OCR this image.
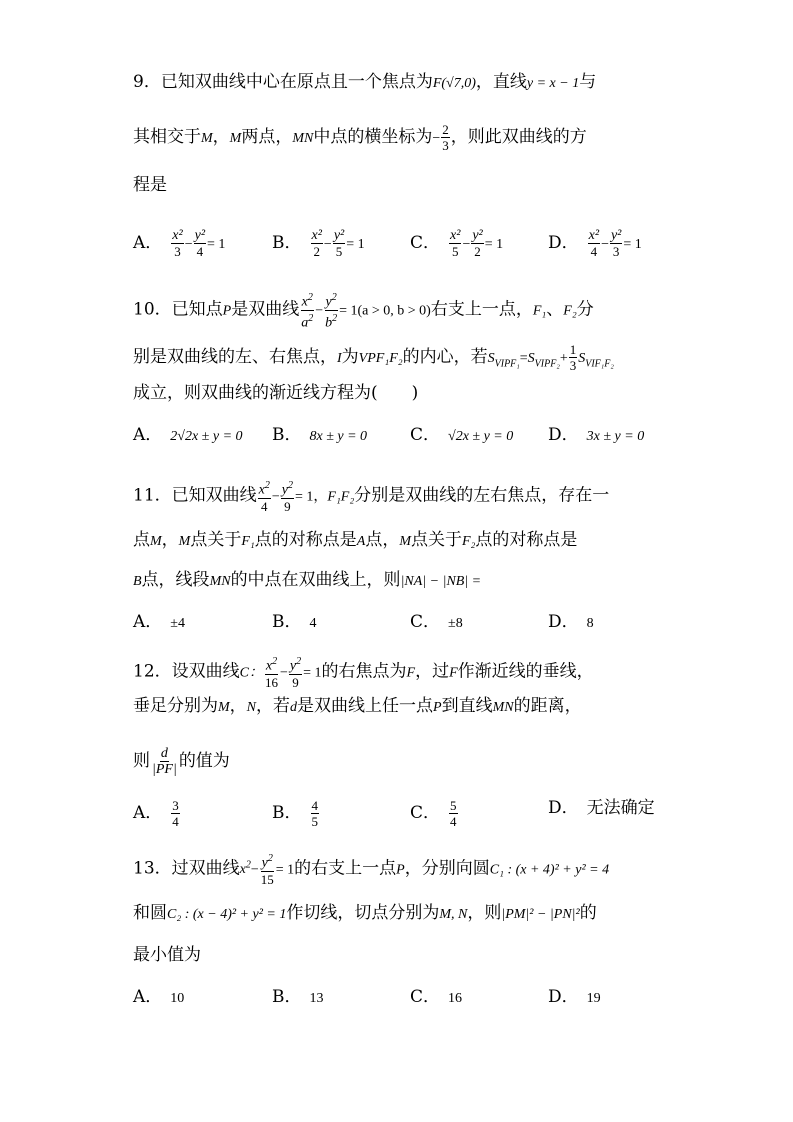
9．已知双曲线中心在原点且一个焦点为F(√7,0)，直线y = x − 1与
其相交于M，M两点，MN中点的横坐标为− $\frac{2}{3}$ ，则此双曲线的方
程是
A． $\frac{\text{x²}}{3} - \frac{\text{y²}}{4} = 1$	B． $\frac{\text{x²}}{2} - \frac{\text{y²}}{5} = 1$	C． $\frac{\text{x²}}{5} - \frac{\text{y²}}{2} = 1$	D． $\frac{\text{x²}}{4} - \frac{\text{y²}}{3} = 1$
10．已知点P是双曲线 $\frac{x^2}{a^2} - \frac{y^2}{b^2} = 1(a > 0$, b > 0)右支上一点，F₁、F₂分
别是双曲线的左、右焦点，I为VPF₁F₂的内心，若$S_{VIPF_1}=S_{VIPF_2}+ \frac{1}{3} S_{VIF_1F_2}$
成立，则双曲线的渐近线方程为(　　)
A． 2√2x ± y = 0 B． 8x ± y = 0	C． √2x ± y = 0 D． 3x ± y = 0
11．已知双曲线 $\frac{x^2}{4} - \frac{y^2}{9} = 1$，F₁F₂分别是双曲线的左右焦点，存在一
点M，M点关于F₁点的对称点是A点，M点关于F₂点的对称点是
B点，线段MN的中点在双曲线上，则|NA| − |NB| =
A． ±4	B． 4	C． ±8	D． 8
12．设双曲线C： $\frac{x^2}{16} - \frac{y^2}{9} = 1$的右焦点为F，过F作渐近线的垂线，
垂足分别为M，N，若d是双曲线上任一点P到直线MN的距离，
则 $\frac{d}{|PF|}$ 的值为
A． $\frac{3}{4}$	B． $\frac{4}{5}$	C． $\frac{5}{4}$	D． 无法确定
13．过双曲线$x^2- \frac{y^2}{15} = 1$的右支上一点P，分别向圆C₁ : (x + 4)² + y² = 4
和圆C₂ : (x − 4)² + y² = 1作切线，切点分别为M, N，则|PM|² − |PN|²的
最小值为
A． 10	B． 13	C． 16	D． 19
